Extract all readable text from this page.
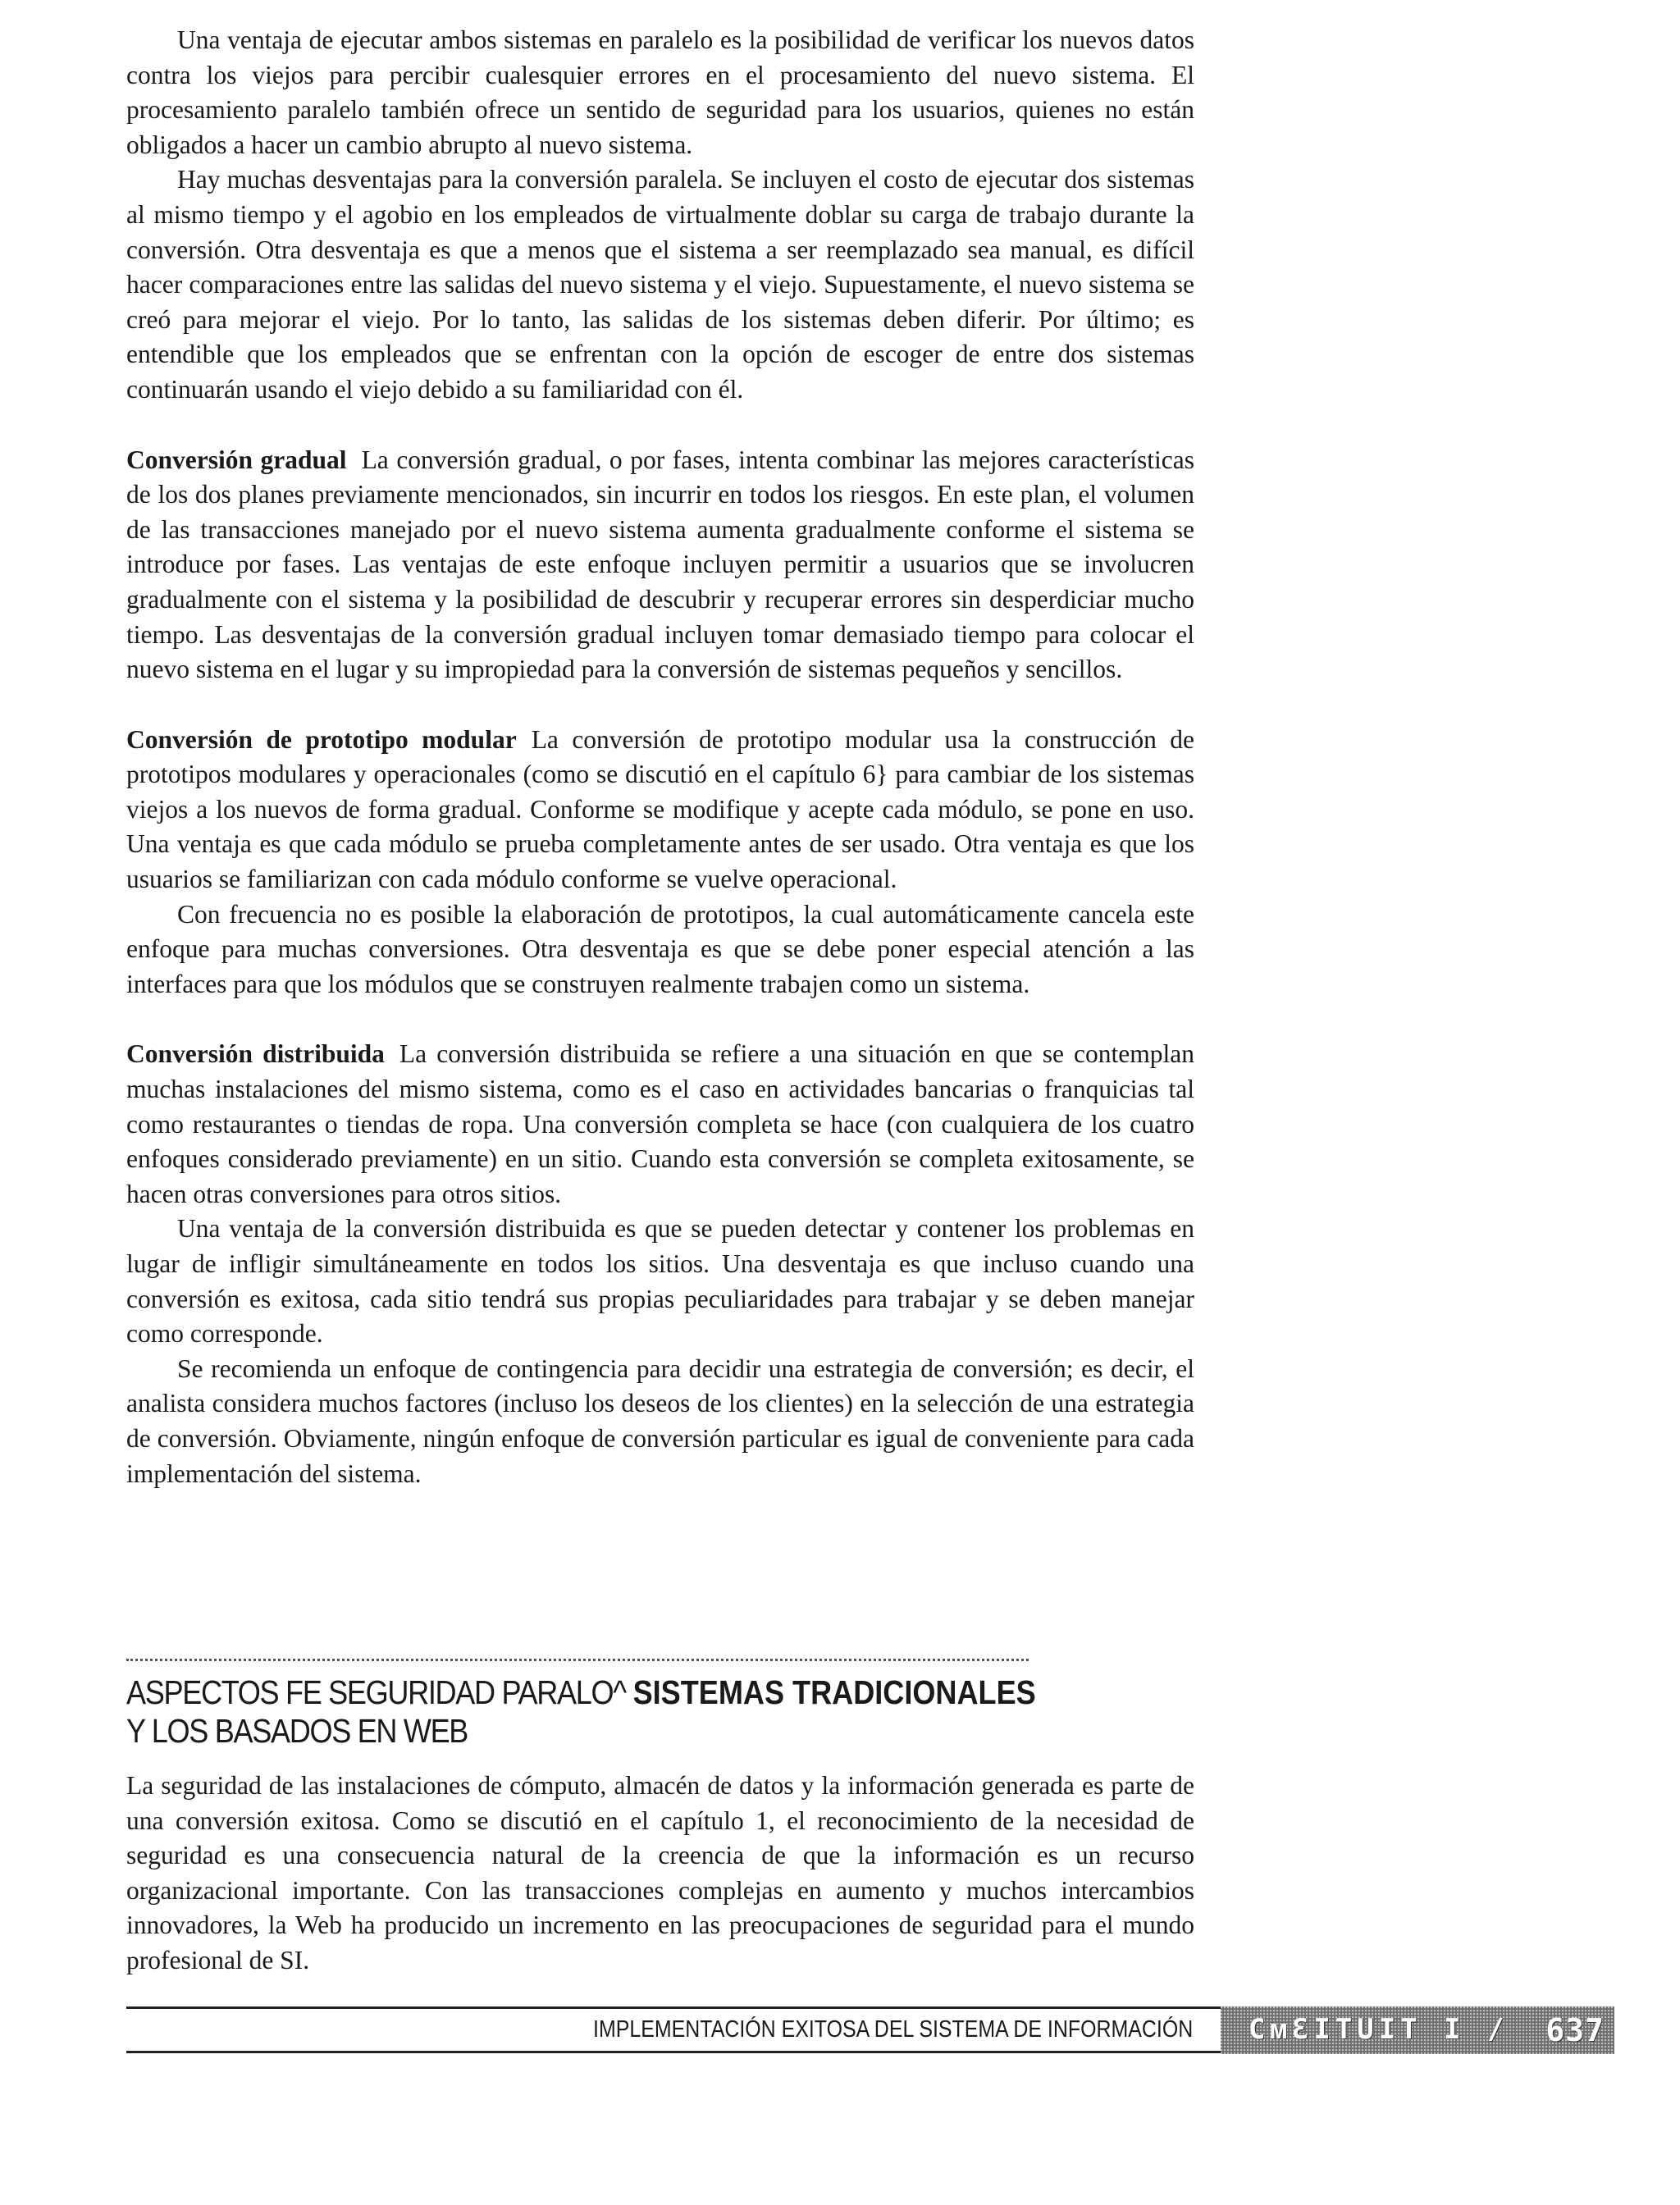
Una ventaja de ejecutar ambos sistemas en paralelo es la posibilidad de verificar los nuevos datos contra los viejos para percibir cualesquier errores en el procesamiento del nuevo sistema. El procesamiento paralelo también ofrece un sentido de seguridad para los usuarios, quienes no están obligados a hacer un cambio abrupto al nuevo sistema.

Hay muchas desventajas para la conversión paralela. Se incluyen el costo de ejecutar dos sistemas al mismo tiempo y el agobio en los empleados de virtualmente doblar su carga de trabajo durante la conversión. Otra desventaja es que a menos que el sistema a ser reemplazado sea manual, es difícil hacer comparaciones entre las salidas del nuevo sistema y el viejo. Supuestamente, el nuevo sistema se creó para mejorar el viejo. Por lo tanto, las salidas de los sistemas deben diferir. Por último; es entendible que los empleados que se enfrentan con la opción de escoger de entre dos sistemas continuarán usando el viejo debido a su familiaridad con él.

Conversión gradual La conversión gradual, o por fases, intenta combinar las mejores características de los dos planes previamente mencionados, sin incurrir en todos los riesgos. En este plan, el volumen de las transacciones manejado por el nuevo sistema aumenta gradualmente conforme el sistema se introduce por fases. Las ventajas de este enfoque incluyen permitir a usuarios que se involucren gradualmente con el sistema y la posibilidad de descubrir y recuperar errores sin desperdiciar mucho tiempo. Las desventajas de la conversión gradual incluyen tomar demasiado tiempo para colocar el nuevo sistema en el lugar y su impropiedad para la conversión de sistemas pequeños y sencillos.

Conversión de prototipo modular La conversión de prototipo modular usa la construcción de prototipos modulares y operacionales (como se discutió en el capítulo 6} para cambiar de los sistemas viejos a los nuevos de forma gradual. Conforme se modifique y acepte cada módulo, se pone en uso. Una ventaja es que cada módulo se prueba completamente antes de ser usado. Otra ventaja es que los usuarios se familiarizan con cada módulo conforme se vuelve operacional.

Con frecuencia no es posible la elaboración de prototipos, la cual automáticamente cancela este enfoque para muchas conversiones. Otra desventaja es que se debe poner especial atención a las interfaces para que los módulos que se construyen realmente trabajen como un sistema.

Conversión distribuida La conversión distribuida se refiere a una situación en que se contemplan muchas instalaciones del mismo sistema, como es el caso en actividades bancarias o franquicias tal como restaurantes o tiendas de ropa. Una conversión completa se hace (con cualquiera de los cuatro enfoques considerado previamente) en un sitio. Cuando esta conversión se completa exitosamente, se hacen otras conversiones para otros sitios.

Una ventaja de la conversión distribuida es que se pueden detectar y contener los problemas en lugar de infligir simultáneamente en todos los sitios. Una desventaja es que incluso cuando una conversión es exitosa, cada sitio tendrá sus propias peculiaridades para trabajar y se deben manejar como corresponde.

Se recomienda un enfoque de contingencia para decidir una estrategia de conversión; es decir, el analista considera muchos factores (incluso los deseos de los clientes) en la selección de una estrategia de conversión. Obviamente, ningún enfoque de conversión particular es igual de conveniente para cada implementación del sistema.

ASPECTOS FE SEGURIDAD PARALO^ SISTEMAS TRADICIONALES
Y LOS BASADOS EN WEB

La seguridad de las instalaciones de cómputo, almacén de datos y la información generada es parte de una conversión exitosa. Como se discutió en el capítulo 1, el reconocimiento de la necesidad de seguridad es una consecuencia natural de la creencia de que la información es un recurso organizacional importante. Con las transacciones complejas en aumento y muchos intercambios innovadores, la Web ha producido un incremento en las preocupaciones de seguridad para el mundo profesional de SI.

IMPLEMENTACIÓN EXITOSA DEL SISTEMA DE INFORMACIÓN CᴍƐITUIT I / 637
